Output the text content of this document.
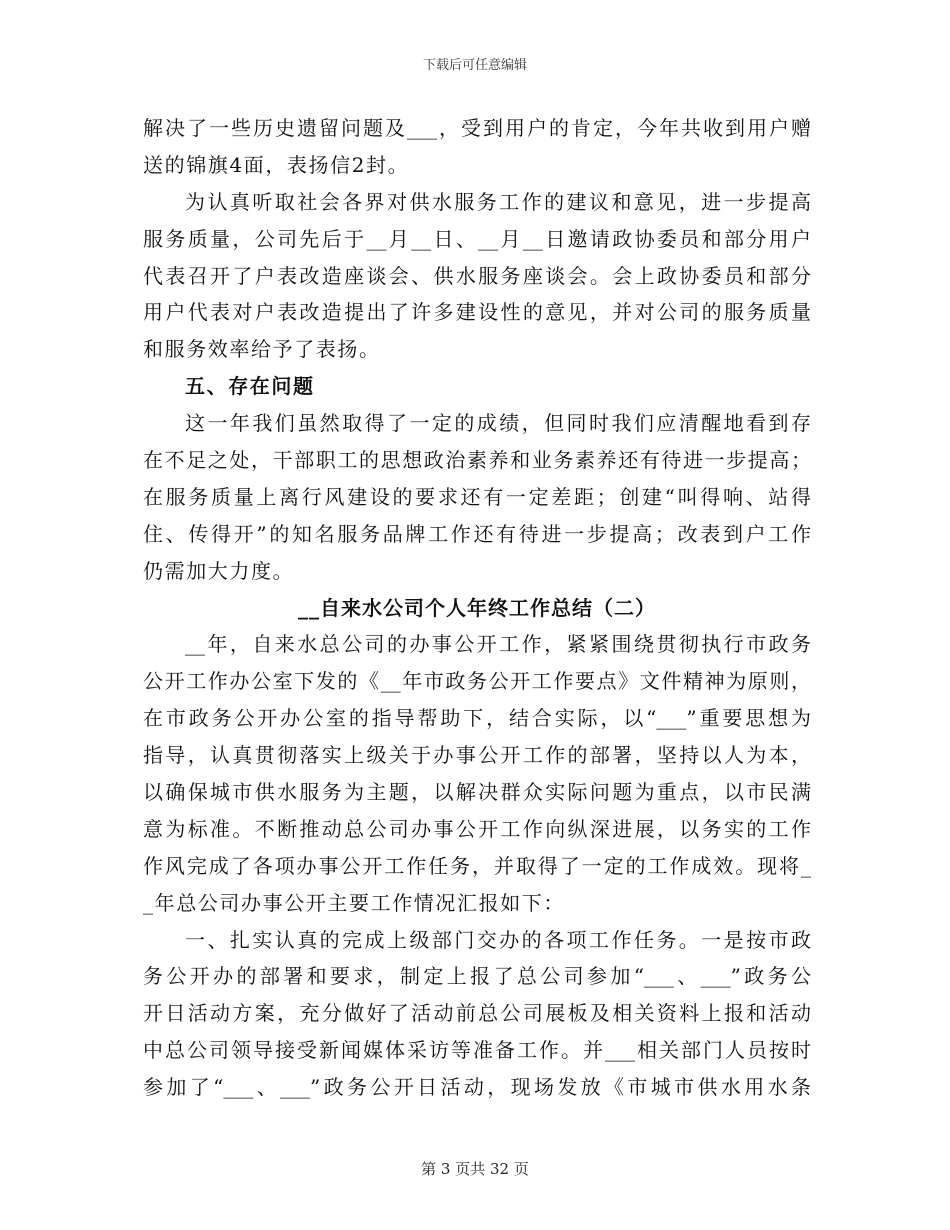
下载后可任意编辑
解决了一些历史遗留问题及___，受到用户的肯定，今年共收到用户赠
送的锦旗4面，表扬信2封。
为认真听取社会各界对供水服务工作的建议和意见，进一步提高
服务质量，公司先后于__月__日、__月__日邀请政协委员和部分用户
代表召开了户表改造座谈会、供水服务座谈会。会上政协委员和部分
用户代表对户表改造提出了许多建设性的意见，并对公司的服务质量
和服务效率给予了表扬。
五、存在问题
这一年我们虽然取得了一定的成绩，但同时我们应清醒地看到存
在不足之处，干部职工的思想政治素养和业务素养还有待进一步提高；
在服务质量上离行风建设的要求还有一定差距；创建“叫得响、站得
住、传得开”的知名服务品牌工作还有待进一步提高；改表到户工作
仍需加大力度。
__自来水公司个人年终工作总结（二）
__年，自来水总公司的办事公开工作，紧紧围绕贯彻执行市政务
公开工作办公室下发的《__年市政务公开工作要点》文件精神为原则，
在市政务公开办公室的指导帮助下，结合实际，以“___”重要思想为
指导，认真贯彻落实上级关于办事公开工作的部署，坚持以人为本，
以确保城市供水服务为主题，以解决群众实际问题为重点，以市民满
意为标准。不断推动总公司办事公开工作向纵深进展，以务实的工作
作风完成了各项办事公开工作任务，并取得了一定的工作成效。现将_
_年总公司办事公开主要工作情况汇报如下：
一、扎实认真的完成上级部门交办的各项工作任务。一是按市政
务公开办的部署和要求，制定上报了总公司参加“___、___”政务公
开日活动方案，充分做好了活动前总公司展板及相关资料上报和活动
中总公司领导接受新闻媒体采访等准备工作。并___相关部门人员按时
参加了“___、___”政务公开日活动，现场发放《市城市供水用水条
第 3 页共 32 页
